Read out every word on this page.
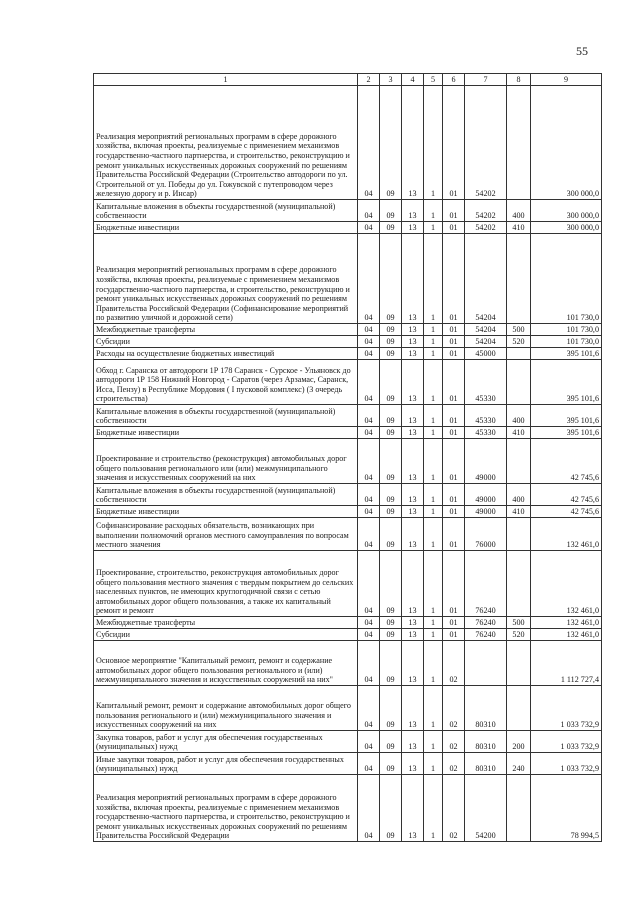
55
1	2	3	4	5	6	7	8	9
Реализация мероприятий региональных программ в сфере дорожного хозяйства, включая проекты, реализуемые с применением механизмов государственно-частного партнерства, и строительство, реконструкцию и ремонт уникальных искусственных дорожных сооружений по решениям Правительства Российской Федерации (Строительство автодороги по ул. Строительной от ул. Победы до ул. Гожувской с путепроводом через железную дорогу и р. Инсар)	04	09	13	1	01	54202		300 000,0
Капитальные вложения в объекты государственной (муниципальной) собственности	04	09	13	1	01	54202	400	300 000,0
Бюджетные инвестиции	04	09	13	1	01	54202	410	300 000,0
Реализация мероприятий региональных программ в сфере дорожного хозяйства, включая проекты, реализуемые с применением механизмов государственно-частного партнерства, и строительство, реконструкцию и ремонт уникальных искусственных дорожных сооружений по решениям Правительства Российской Федерации (Софинансирование мероприятий по развитию уличной и дорожной сети)	04	09	13	1	01	54204		101 730,0
Межбюджетные трансферты	04	09	13	1	01	54204	500	101 730,0
Субсидии	04	09	13	1	01	54204	520	101 730,0
Расходы на осуществление бюджетных инвестиций	04	09	13	1	01	45000		395 101,6
Обход г. Саранска от автодороги 1Р 178 Саранск - Сурское - Ульяновск до автодороги 1Р 158 Нижний Новгород - Саратов (через Арзамас, Саранск, Исса, Пензу) в Республике Мордовия ( I пусковой комплекс) (3 очередь строительства)	04	09	13	1	01	45330		395 101,6
Капитальные вложения в объекты государственной (муниципальной) собственности	04	09	13	1	01	45330	400	395 101,6
Бюджетные инвестиции	04	09	13	1	01	45330	410	395 101,6
Проектирование и строительство (реконструкция) автомобильных дорог общего пользования регионального или (или) межмуниципального значения и искусственных сооружений на них	04	09	13	1	01	49000		42 745,6
Капитальные вложения в объекты государственной (муниципальной) собственности	04	09	13	1	01	49000	400	42 745,6
Бюджетные инвестиции	04	09	13	1	01	49000	410	42 745,6
Софинансирование расходных обязательств, возникающих при выполнении полномочий органов местного самоуправления по вопросам местного значения	04	09	13	1	01	76000		132 461,0
Проектирование, строительство, реконструкция автомобильных дорог общего пользования местного значения с твердым покрытием до сельских населенных пунктов, не имеющих круглогодичной связи с сетью автомобильных дорог общего пользования, а также их капитальный ремонт и ремонт	04	09	13	1	01	76240		132 461,0
Межбюджетные трансферты	04	09	13	1	01	76240	500	132 461,0
Субсидии	04	09	13	1	01	76240	520	132 461,0
Основное мероприятие "Капитальный ремонт, ремонт и содержание автомобильных дорог общего пользования регионального и (или) межмуниципального значения и искусственных сооружений на них"	04	09	13	1	02			1 112 727,4
Капитальный ремонт, ремонт и содержание автомобильных дорог общего пользования регионального и (или) межмуниципального значения и искусственных сооружений на них	04	09	13	1	02	80310		1 033 732,9
Закупка товаров, работ и услуг для обеспечения государственных (муниципальных) нужд	04	09	13	1	02	80310	200	1 033 732,9
Иные закупки товаров, работ и услуг для обеспечения государственных (муниципальных) нужд	04	09	13	1	02	80310	240	1 033 732,9
Реализация мероприятий региональных программ в сфере дорожного хозяйства, включая проекты, реализуемые с применением механизмов государственно-частного партнерства, и строительство, реконструкцию и ремонт уникальных искусственных дорожных сооружений по решениям Правительства Российской Федерации	04	09	13	1	02	54200		78 994,5
